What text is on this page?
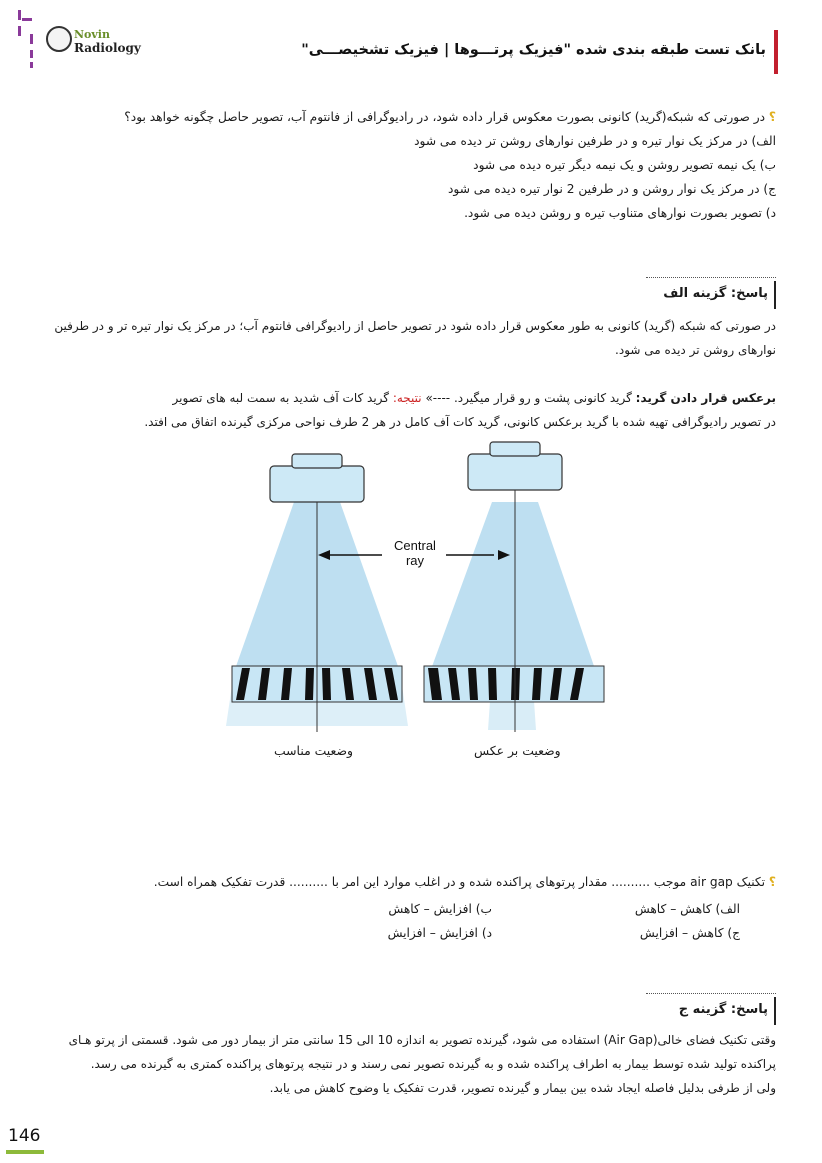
Novin
Radiology	بانک تست طبقه بندی شده "فیزیک پرتـــوها | فیزیک تشخیصـــی"
؟ در صورتی که شبکه(گرید) کانونی بصورت معکوس قرار داده شود، در رادیوگرافی از فانتوم آب، تصویر حاصل چگونه خواهد بود؟
الف) در مرکز یک نوار تیره و در طرفین نوارهای روشن تر دیده می شود
ب) یک نیمه تصویر روشن و یک نیمه دیگر تیره دیده می شود
ج) در مرکز یک نوار روشن و در طرفین 2 نوار تیره دیده می شود
د) تصویر بصورت نوارهای متناوب تیره و روشن دیده می شود.
پاسخ: گزینه الف
در صورتی که شبکه (گرید) کانونی به طور معکوس قرار داده شود در تصویر حاصل از رادیوگرافی فانتوم آب؛ در مرکز یک نوار تیره تر و در طرفین
نوارهای روشن تر دیده می شود.
برعکس قرار دادن گرید: گرید کانونی پشت و رو قرار میگیرد. ----» نتیجه: گرید کات آف شدید به سمت لبه های تصویر
در تصویر رادیوگرافی تهیه شده با گرید برعکس کانونی، گرید کات آف کامل در هر 2 طرف نواحی مرکزی گیرنده اتفاق می افتد.
Central
ray
وضعیت مناسب	وضعیت بر عکس
؟ تکنیک air gap موجب .......... مقدار پرتوهای پراکنده شده و در اغلب موارد این امر با .......... قدرت تفکیک همراه است.
الف) کاهش – کاهش
ب) افزایش – کاهش
ج) کاهش – افزایش
د) افزایش – افزایش
پاسخ: گزینه ج
وقتی تکنیک فضای خالی(Air Gap) استفاده می شود، گیرنده تصویر به اندازه 10 الی 15 سانتی متر از بیمار دور می شود. قسمتی از پرتو هـای
پراکنده تولید شده توسط بیمار به اطراف پراکنده شده و به گیرنده تصویر نمی رسند و در نتیجه پرتوهای پراکنده کمتری به گیرنده می رسد.
ولی از طرفی بدلیل فاصله ایجاد شده بین بیمار و گیرنده تصویر، قدرت تفکیک یا وضوح کاهش می یابد.
146
